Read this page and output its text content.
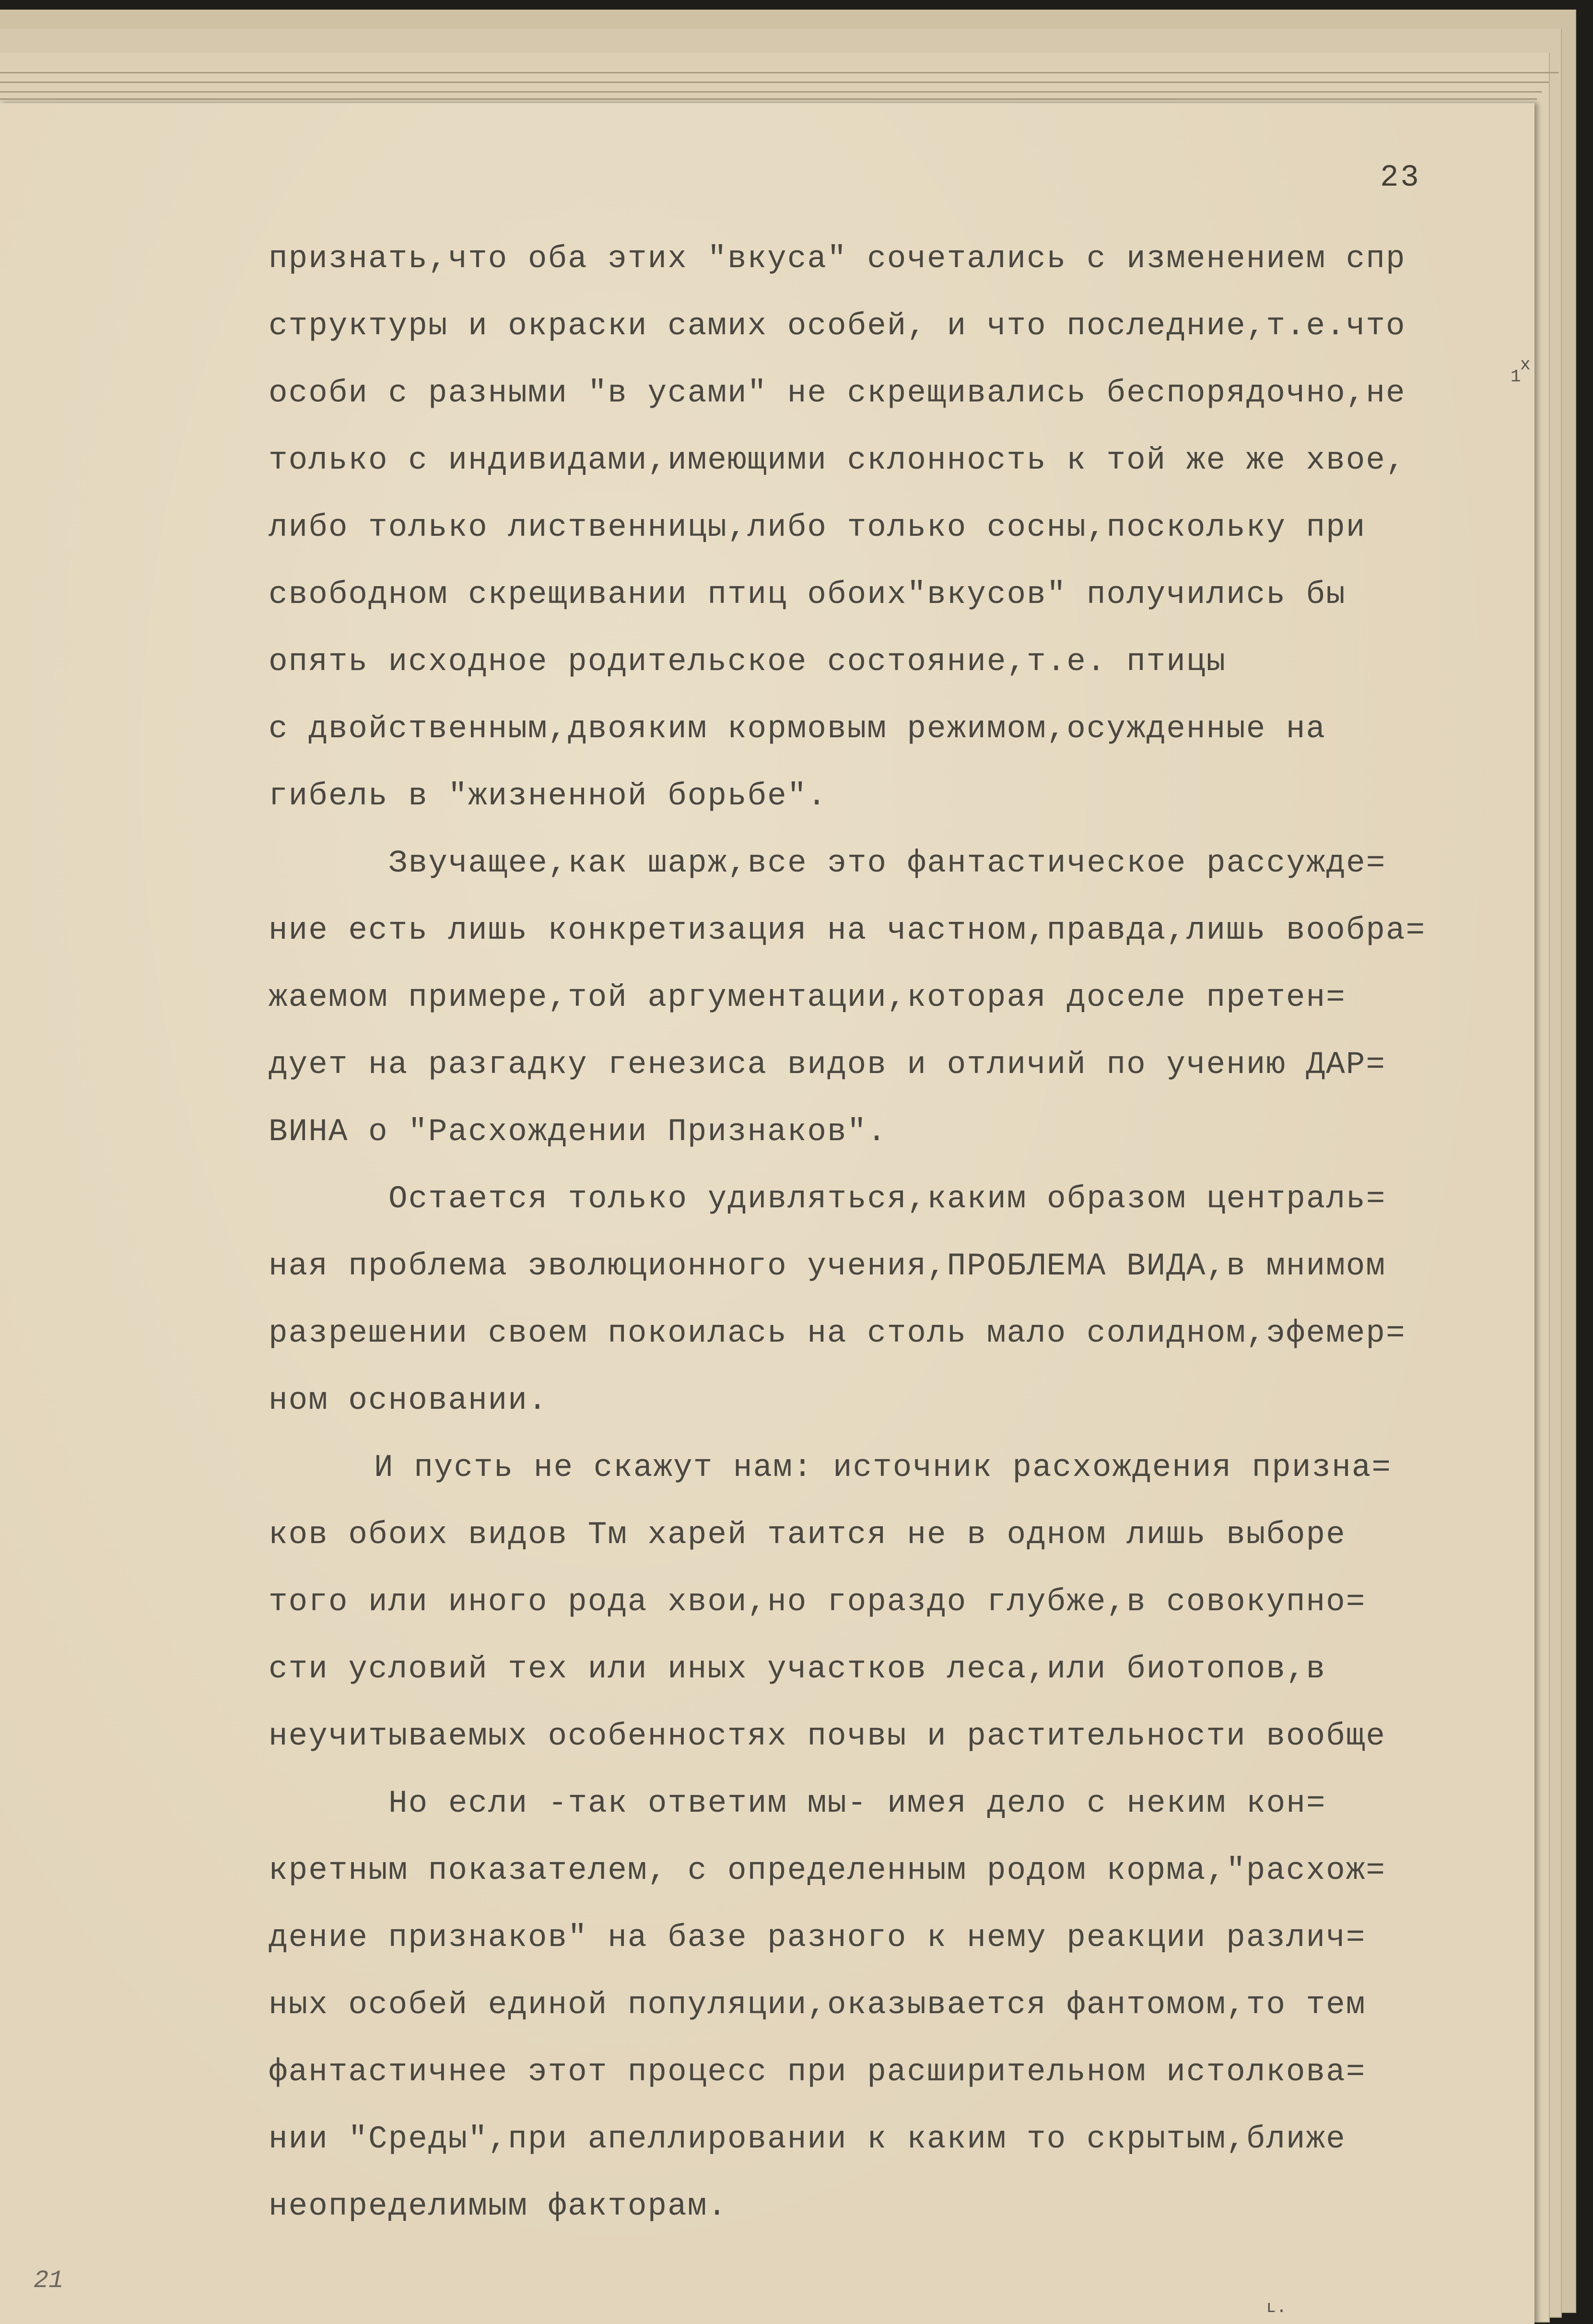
23
признать,что оба этих "вкуса" сочетались с изменением спр
структуры и окраски самих особей, и что последние,т.е.что
особи с разными "в усами" не скрещивались беспорядочно,не
только с индивидами,имеющими склонность к той же же хвое,
либо только лиственницы,либо только сосны,поскольку при
свободном скрещивании птиц обоих"вкусов" получились бы
опять исходное родительское состояние,т.е. птицы
с двойственным,двояким кормовым режимом,осужденные на
гибель в "жизненной борьбе".
Звучащее,как шарж,все это фантастическое рассужде=
ние есть лишь конкретизация на частном,правда,лишь вообра=
жаемом примере,той аргументации,которая доселе претен=
дует на разгадку генезиса видов и отличий по учению ДАР=
ВИНА о "Расхождении Признаков".
Остается только удивляться,каким образом централь=
ная проблема эволюционного учения,ПРОБЛЕМА ВИДА,в мнимом
разрешении своем покоилась на столь мало солидном,эфемер=
ном основании.
И пусть не скажут нам: источник расхождения призна=
ков обоих видов Тм харей таится не в одном лишь выборе
того или иного рода хвои,но гораздо глубже,в совокупно=
сти условий тех или иных участков леса,или биотопов,в
неучитываемых особенностях почвы и растительности вообще
Но если -так ответим мы- имея дело с неким кон=
кретным показателем, с определенным родом корма,"расхож=
дение признаков" на базе разного к нему реакции различ=
ных особей единой популяции,оказывается фантомом,то тем
фантастичнее этот процесс при расширительном истолкова=
нии "Среды",при апеллировании к каким то скрытым,ближе
неопределимым факторам.
x
1
ʟ.
21
